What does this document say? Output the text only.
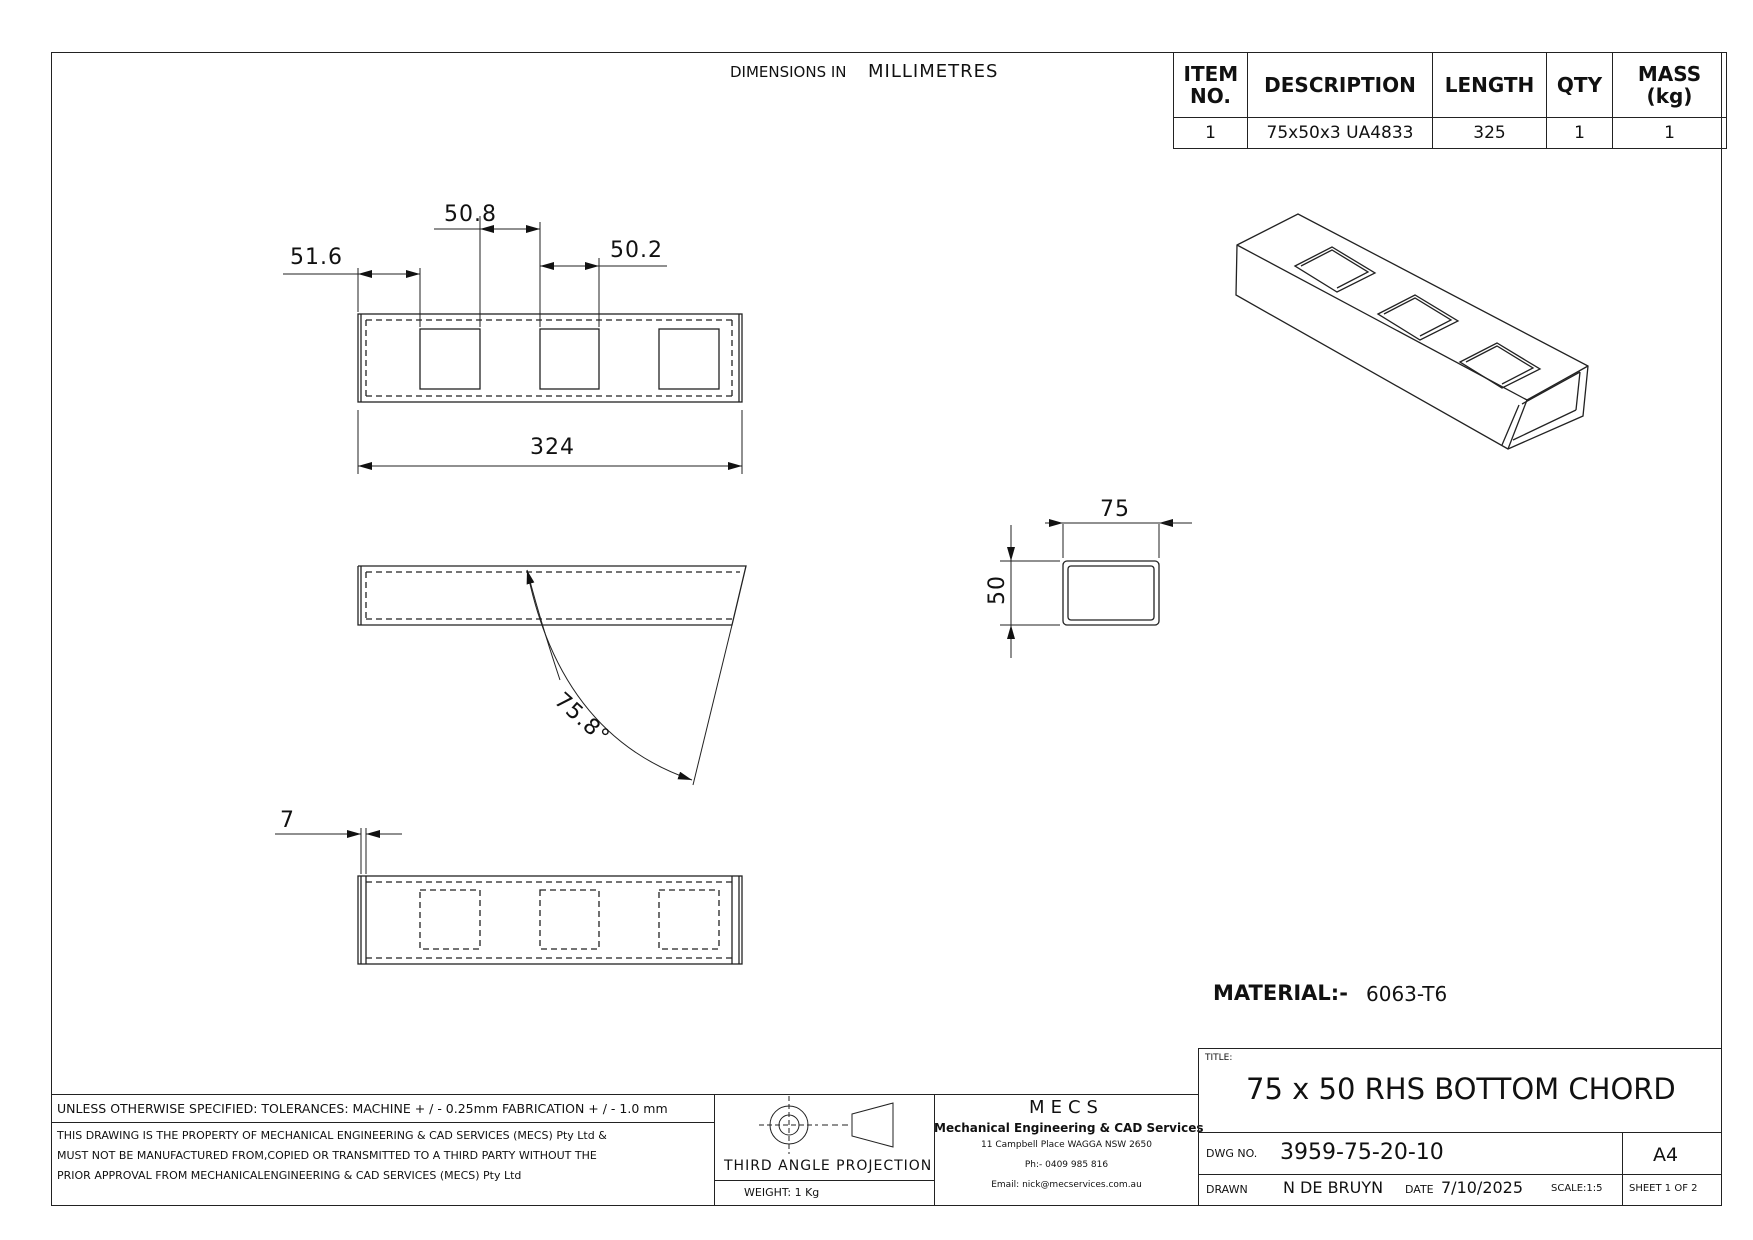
DIMENSIONS IN MILLIMETRES	ITEM NO.	DESCRIPTION	LENGTH	QTY	MASS (kg)
1	75x50x3 UA4833	325	1	1
51.6
50.8
50.2
324
75.8°
7
75
50
MATERIAL:- 6063-T6
UNLESS OTHERWISE SPECIFIED: TOLERANCES: MACHINE + / - 0.25mm FABRICATION + / - 1.0 mm
THIS DRAWING IS THE PROPERTY OF MECHANICAL ENGINEERING & CAD SERVICES (MECS) Pty Ltd &
MUST NOT BE MANUFACTURED FROM,COPIED OR TRANSMITTED TO A THIRD PARTY WITHOUT THE
PRIOR APPROVAL FROM MECHANICALENGINEERING & CAD SERVICES (MECS) Pty Ltd
THIRD ANGLE PROJECTION
WEIGHT: 1 Kg
MECS
Mechanical Engineering & CAD Services
11 Campbell Place WAGGA NSW 2650
Ph:- 0409 985 816
Email: nick@mecservices.com.au
TITLE:
75 x 50 RHS BOTTOM CHORD
DWG NO. 3959-75-20-10	A4
DRAWN N DE BRUYN DATE 7/10/2025	SCALE:1:5	SHEET 1 OF 2
